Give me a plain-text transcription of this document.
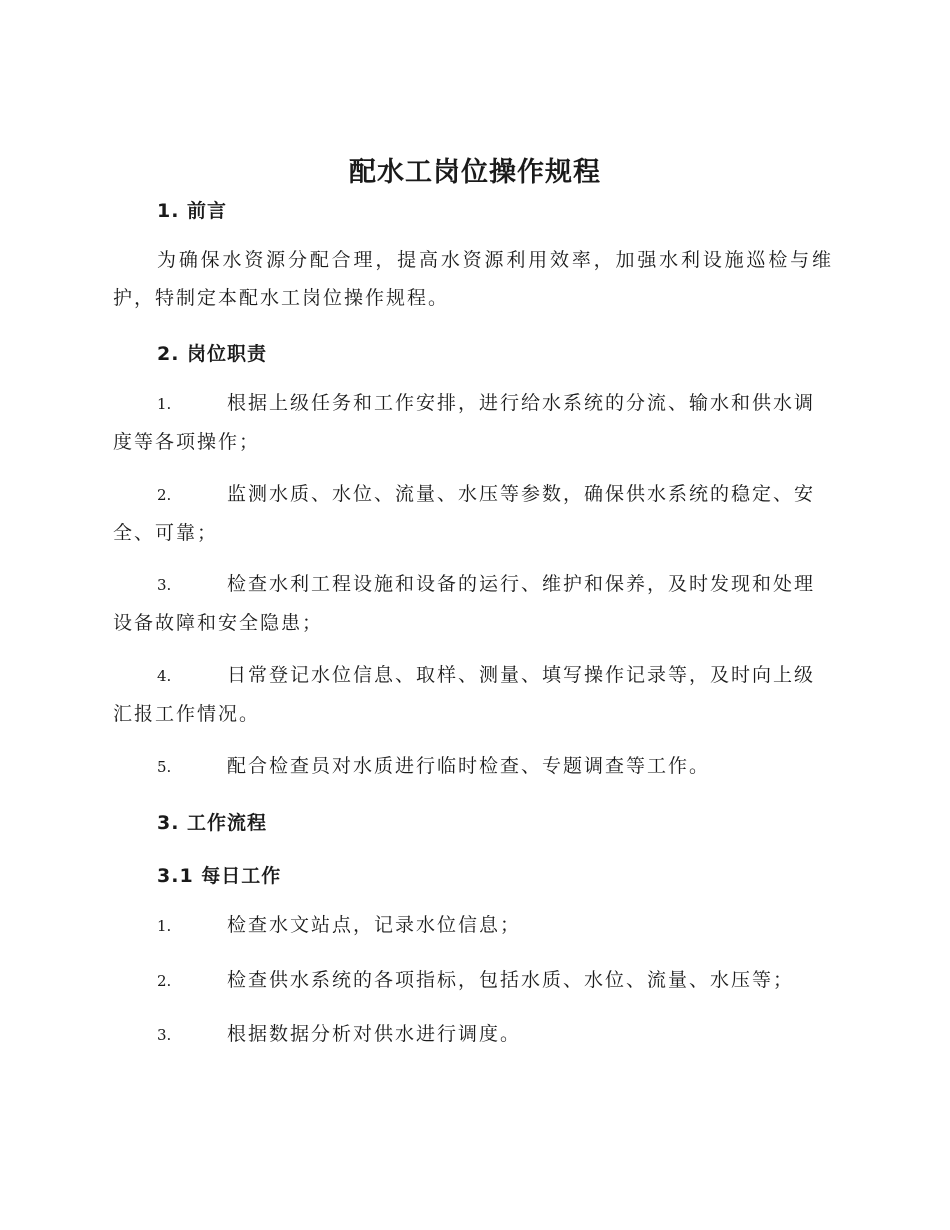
配水工岗位操作规程
1. 前言
为确保水资源分配合理，提高水资源利用效率，加强水利设施巡检与维护，特制定本配水工岗位操作规程。
2. 岗位职责
1.	根据上级任务和工作安排，进行给水系统的分流、输水和供水调度等各项操作；
2.	监测水质、水位、流量、水压等参数，确保供水系统的稳定、安全、可靠；
3.	检查水利工程设施和设备的运行、维护和保养，及时发现和处理设备故障和安全隐患；
4.	日常登记水位信息、取样、测量、填写操作记录等，及时向上级汇报工作情况。
5.	配合检查员对水质进行临时检查、专题调查等工作。
3. 工作流程
3.1 每日工作
1.	检查水文站点，记录水位信息；
2.	检查供水系统的各项指标，包括水质、水位、流量、水压等；
3.	根据数据分析对供水进行调度。
